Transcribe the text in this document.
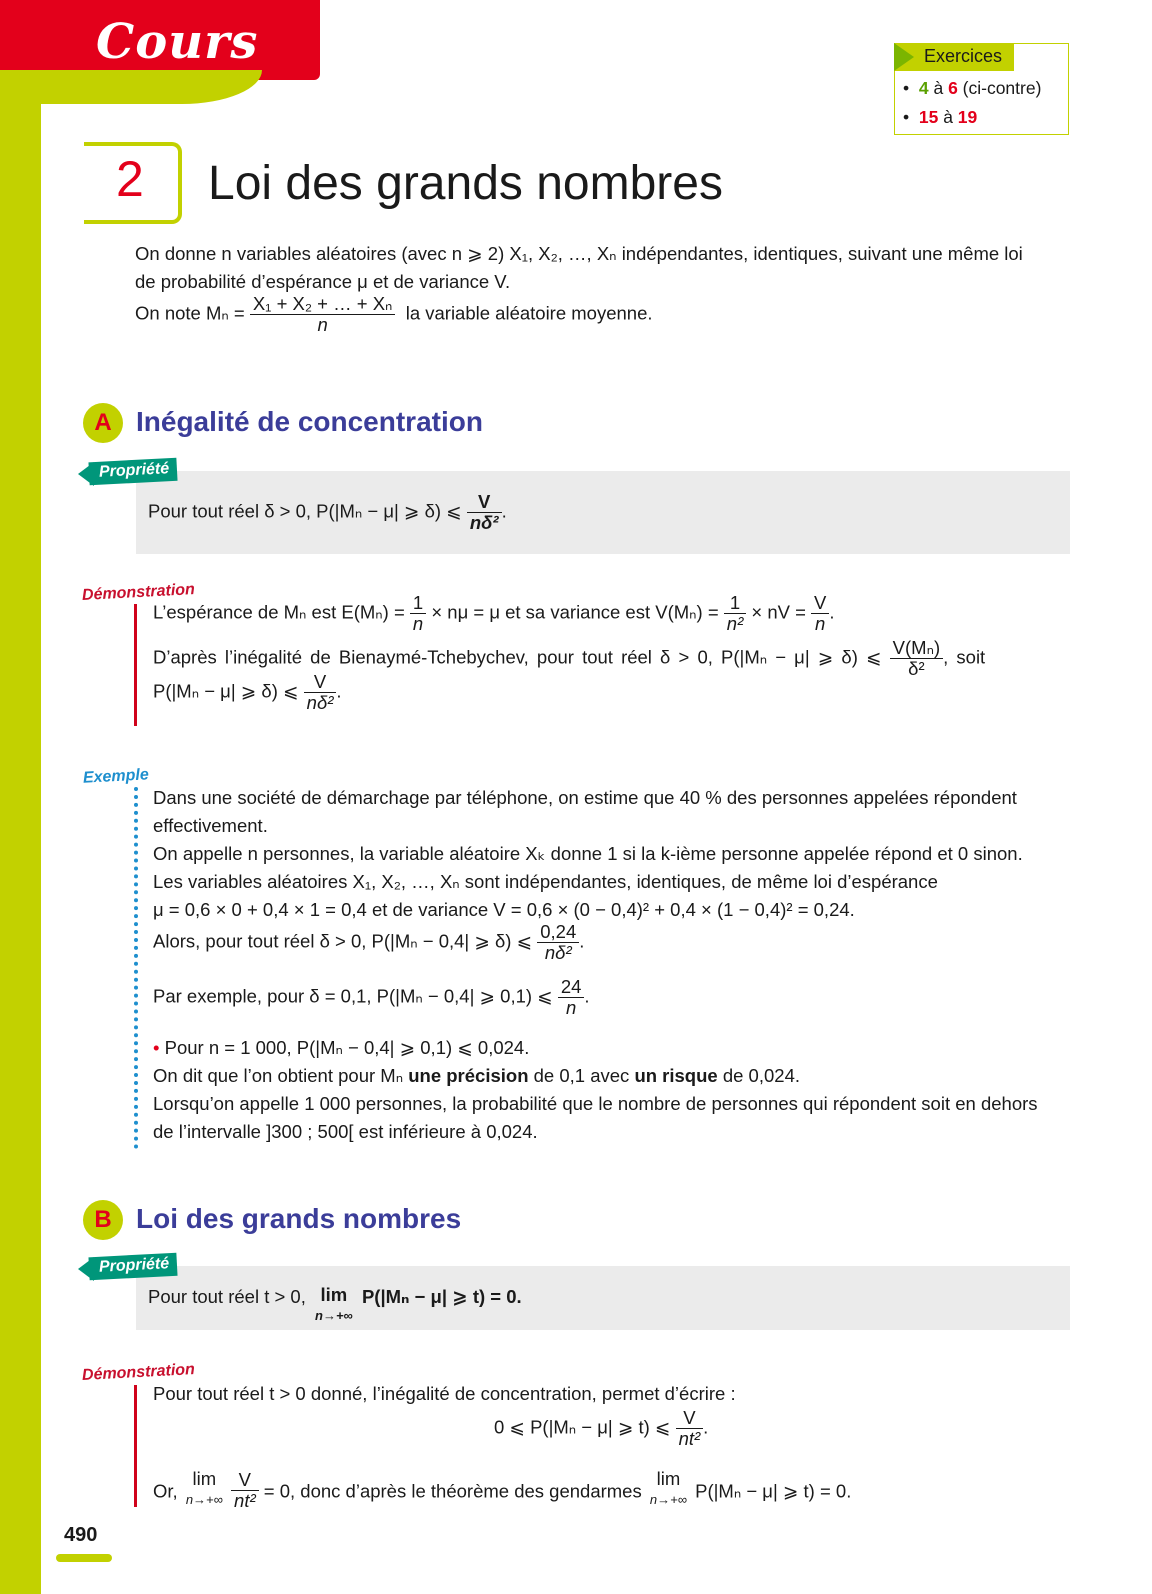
Cours	Exercices
•  4 à 6 (ci-contre)
•  15 à 19
2 Loi des grands nombres
On donne n variables aléatoires (avec n ⩾ 2) X₁, X₂, …, Xₙ indépendantes, identiques, suivant une même loi
de probabilité d’espérance μ et de variance V.
On note $M_n = \frac{\text{X₁ + X₂ + … + Xₙ}}{n}$ la variable aléatoire moyenne.
A Inégalité de concentration
Propriété
Pour tout réel δ > 0, P(|Mₙ − μ| ⩾ δ) ⩽ $\frac{V}{\text{nδ²}}$ .
Démonstration
L’espérance de Mₙ est $E(M_n) = \frac{1}{n} \times n\mu = \mu$ et sa variance est $V(M_n) = \frac{1}{\text{n²}}$ × nV = $\frac{V}{n}$ .
D’après l’inégalité de Bienaymé-Tchebychev, pour tout réel δ > 0, P(|Mₙ − μ| ⩾ δ) ⩽ $\frac{\text{V(Mₙ)}}{\text{δ²}}$ , soit
P(|Mₙ − μ| ⩾ δ) ⩽ $\frac{V}{\text{nδ²}}$ .
Exemple
Dans une société de démarchage par téléphone, on estime que 40 % des personnes appelées répondent
effectivement.
On appelle n personnes, la variable aléatoire Xₖ donne 1 si la k-ième personne appelée répond et 0 sinon.
Les variables aléatoires X₁, X₂, …, Xₙ sont indépendantes, identiques, de même loi d’espérance
μ = 0,6 × 0 + 0,4 × 1 = 0,4 et de variance V = 0,6 × (0 − 0,4)² + 0,4 × (1 − 0,4)² = 0,24.
Alors, pour tout réel δ > 0, P(|Mₙ − 0,4| ⩾ δ) ⩽ $\frac{0,24}{\text{nδ²}}$ .
Par exemple, pour δ = 0,1, P(|Mₙ − 0,4| ⩾ 0,1) ⩽ $\frac{24}{n}$ .
• Pour n = 1 000, P(|Mₙ − 0,4| ⩾ 0,1) ⩽ 0,024.
On dit que l’on obtient pour Mₙ une précision de 0,1 avec un risque de 0,024.
Lorsqu’on appelle 1 000 personnes, la probabilité que le nombre de personnes qui répondent soit en dehors
de l’intervalle ]300 ; 500[ est inférieure à 0,024.
B Loi des grands nombres
Propriété
Pour tout réel t > 0, lim
n→+∞ P(|Mₙ − μ| ⩾ t) = 0.
Démonstration
Pour tout réel t > 0 donné, l’inégalité de concentration, permet d’écrire :
0 ⩽ P(|Mₙ − μ| ⩾ t) ⩽ $\frac{V}{\text{nt²}}$ .
Or, lim
$n\to+\infty \frac{V}{\text{nt²}} = 0$, donc d’après le théorème des gendarmes lim
n→+∞ P(|Mₙ − μ| ⩾ t) = 0.
490
